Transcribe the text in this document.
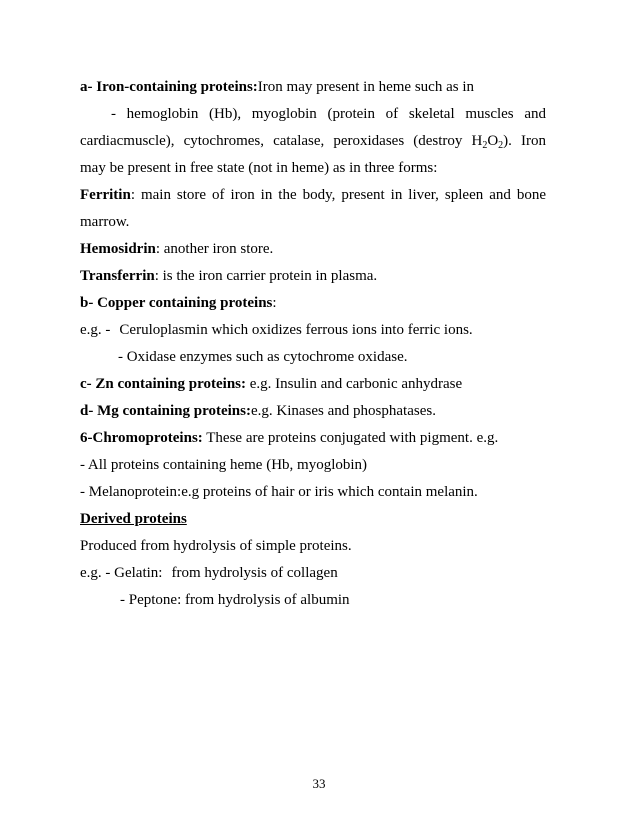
a- Iron-containing proteins:Iron may present in heme such as in
- hemoglobin (Hb), myoglobin (protein of skeletal muscles and
cardiacmuscle), cytochromes, catalase, peroxidases (destroy $H_2O_2$). Iron
may be present in free state (not in heme) as in three forms:
Ferritin: main store of iron in the body, present in liver, spleen and bone
marrow.
Hemosidrin: another iron store.
Transferrin: is the iron carrier protein in plasma.
b- Copper containing proteins:
e.g. - Ceruloplasmin which oxidizes ferrous ions into ferric ions.
- Oxidase enzymes such as cytochrome oxidase.
c- Zn containing proteins: e.g. Insulin and carbonic anhydrase
d- Mg containing proteins:e.g. Kinases and phosphatases.
6-Chromoproteins: These are proteins conjugated with pigment. e.g.
- All proteins containing heme (Hb, myoglobin)
- Melanoprotein:e.g proteins of hair or iris which contain melanin.
Derived proteins
Produced from hydrolysis of simple proteins.
e.g. - Gelatin: from hydrolysis of collagen
- Peptone: from hydrolysis of albumin
33
